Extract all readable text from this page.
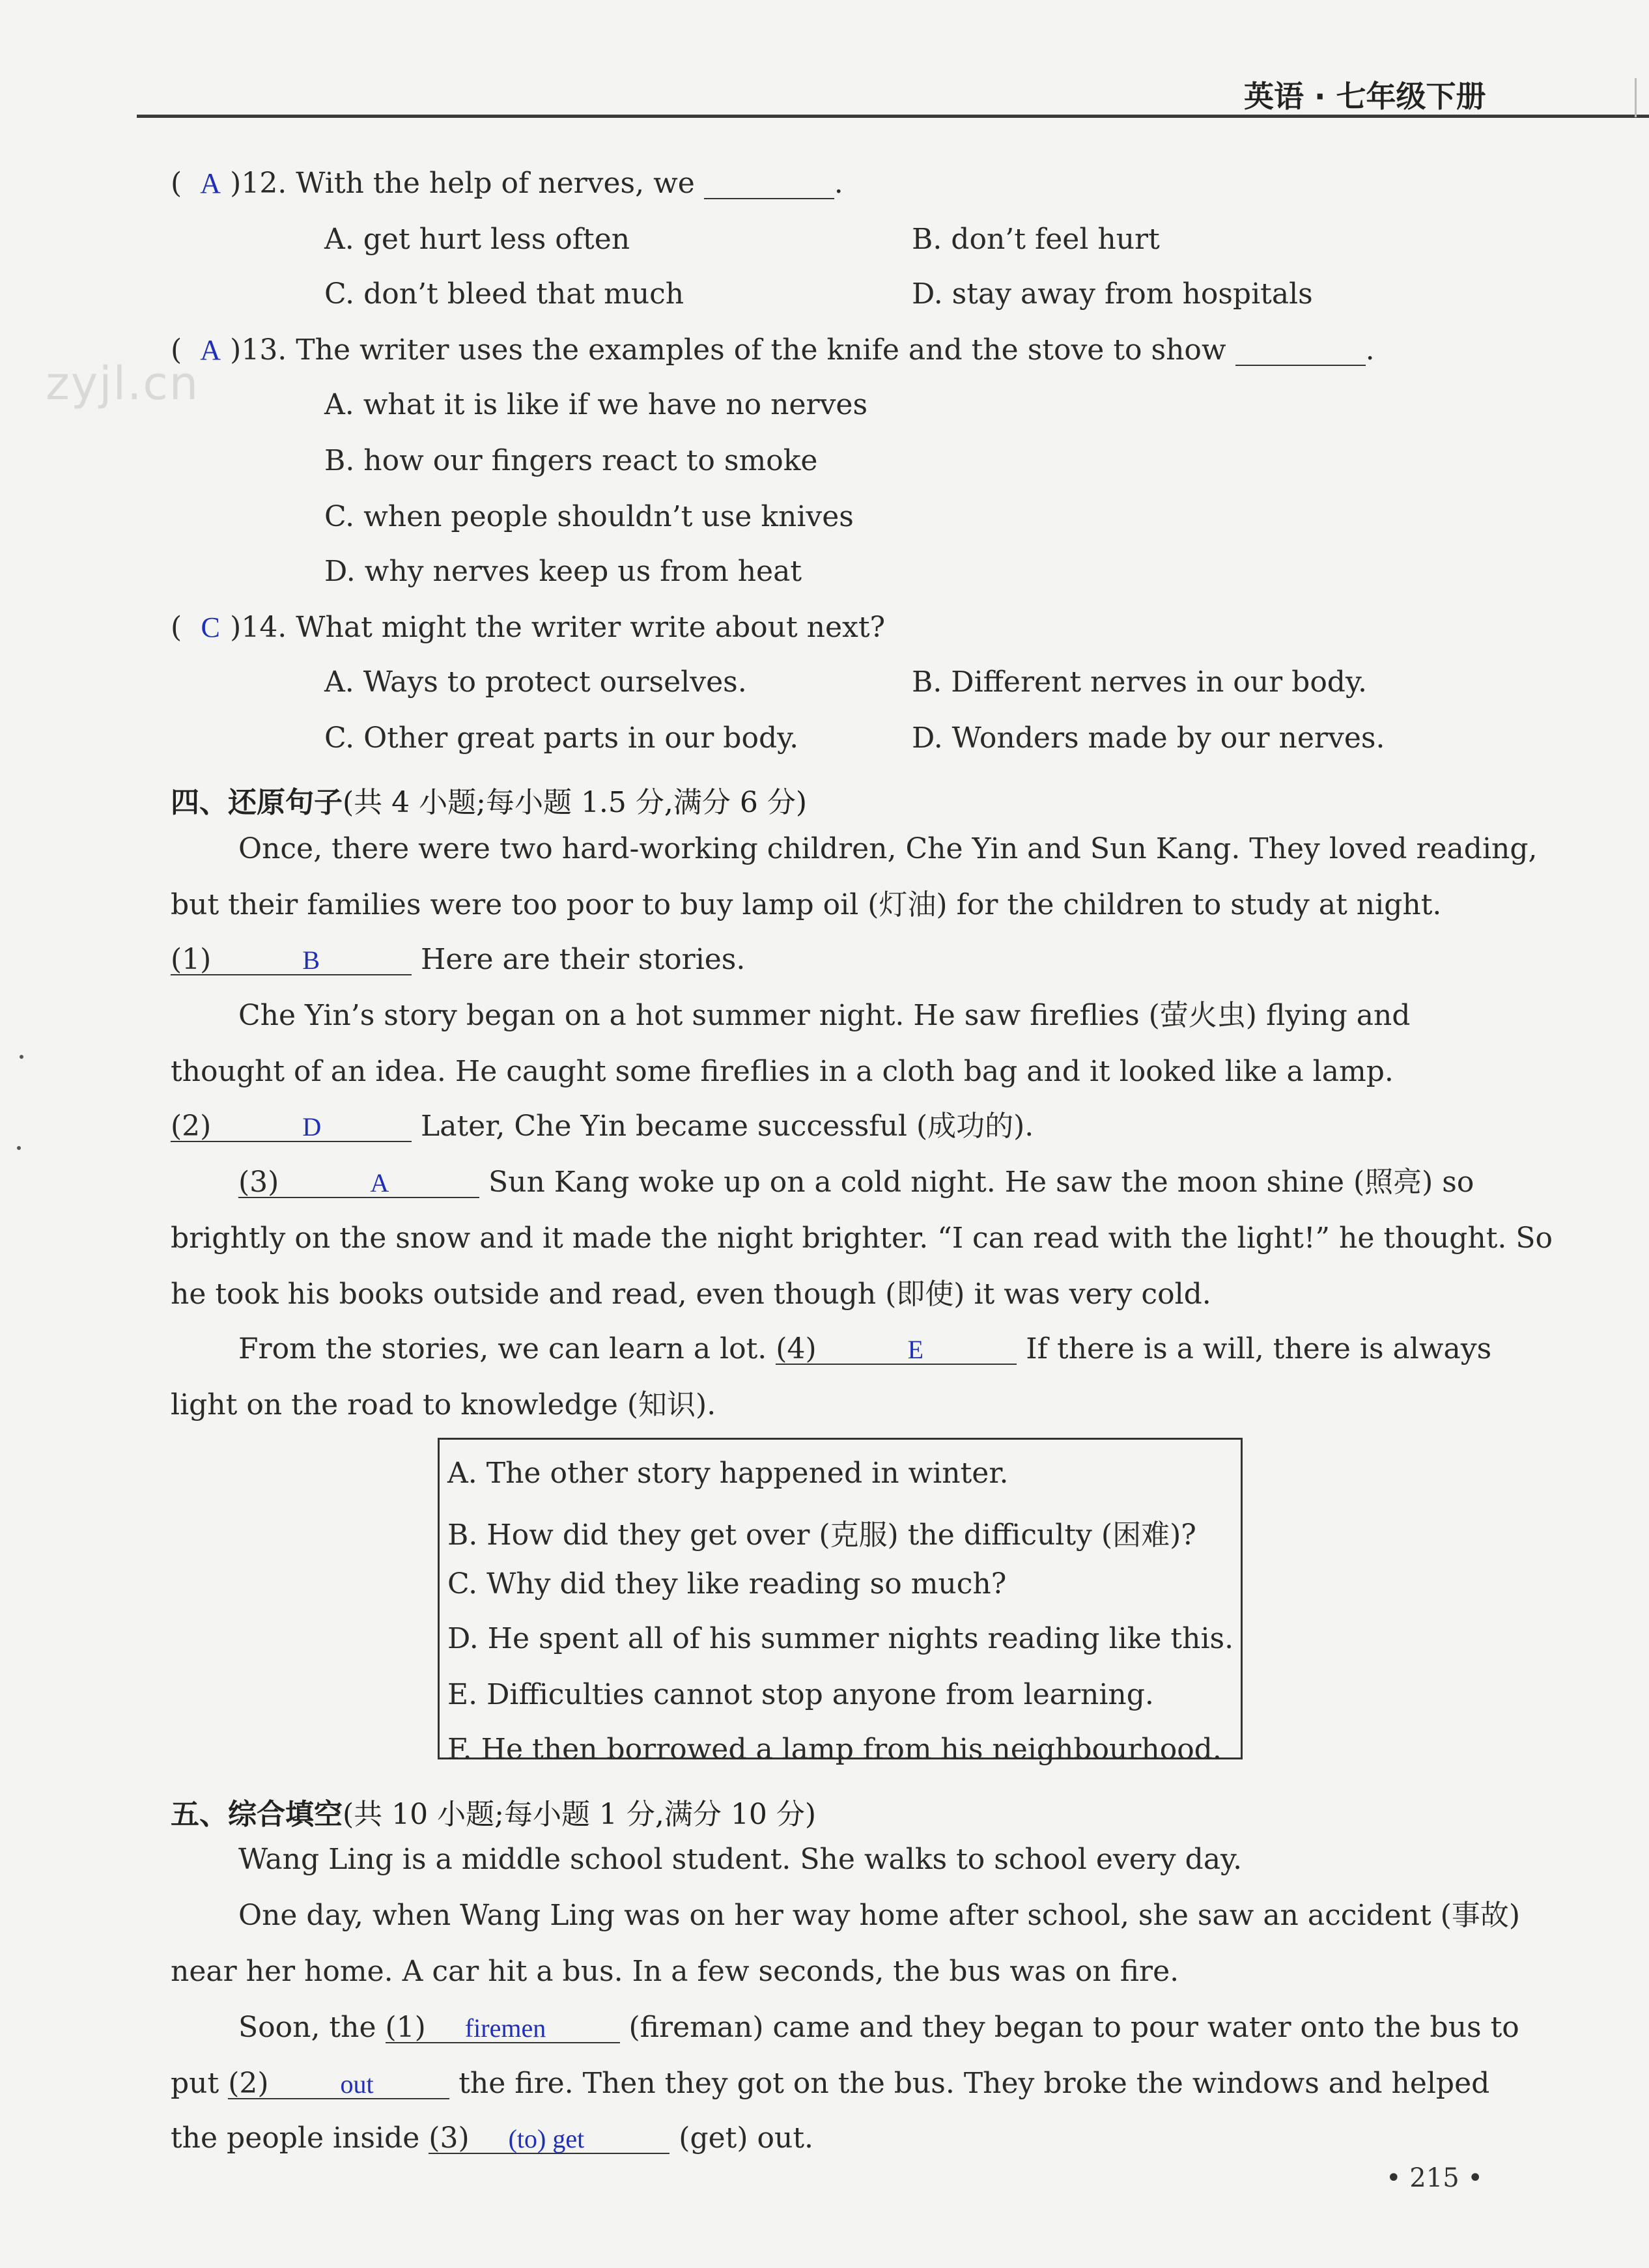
英语 · 七年级下册
zyjl.cn
( A )12. With the help of nerves, we	.
A. get hurt less often	B. don’t feel hurt
C. don’t bleed that much	D. stay away from hospitals
( A )13. The writer uses the examples of the knife and the stove to show	.
A. what it is like if we have no nerves
B. how our fingers react to smoke
C. when people shouldn’t use knives
D. why nerves keep us from heat
( C )14. What might the writer write about next?
A. Ways to protect ourselves.	B. Different nerves in our body.
C. Other great parts in our body.	D. Wonders made by our nerves.
四、还原句子(共 4 小题;每小题 1.5 分,满分 6 分)
Once, there were two hard-working children, Che Yin and Sun Kang. They loved reading,
but their families were too poor to buy lamp oil (灯油) for the children to study at night.
(1)	B	Here are their stories.
Che Yin’s story began on a hot summer night. He saw fireflies (萤火虫) flying and
thought of an idea. He caught some fireflies in a cloth bag and it looked like a lamp.
(2)	D	Later, Che Yin became successful (成功的).
(3)	A	Sun Kang woke up on a cold night. He saw the moon shine (照亮) so
brightly on the snow and it made the night brighter. “I can read with the light!” he thought. So
he took his books outside and read, even though (即使) it was very cold.
From the stories, we can learn a lot. (4)	E	If there is a will, there is always
light on the road to knowledge (知识).
A. The other story happened in winter.
B. How did they get over (克服) the difficulty (困难)?
C. Why did they like reading so much?
D. He spent all of his summer nights reading like this.
E. Difficulties cannot stop anyone from learning.
F. He then borrowed a lamp from his neighbourhood.
五、综合填空(共 10 小题;每小题 1 分,满分 10 分)
Wang Ling is a middle school student. She walks to school every day.
One day, when Wang Ling was on her way home after school, she saw an accident (事故)
near her home. A car hit a bus. In a few seconds, the bus was on fire.
Soon, the (1) firemen	(fireman) came and they began to pour water onto the bus to
put (2)	out	the fire. Then they got on the bus. They broke the windows and helped
the people inside (3) (to) get	(get) out.
• 215 •
